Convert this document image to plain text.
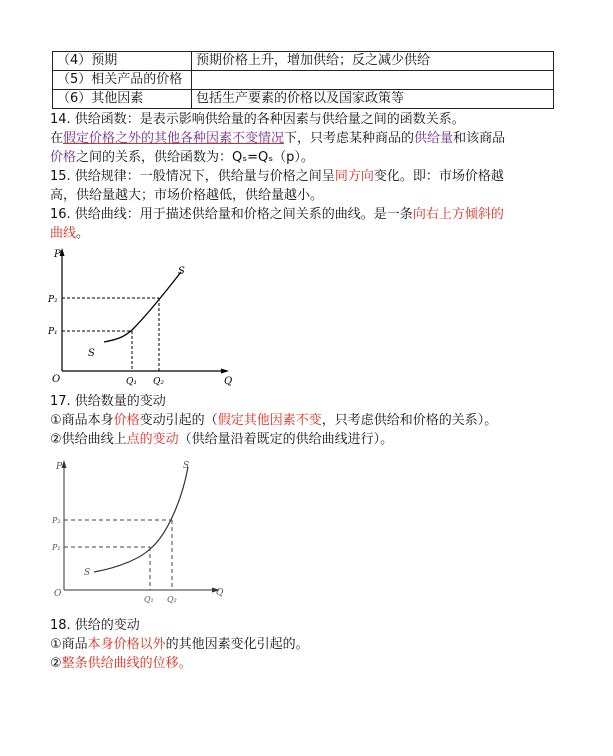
（4）预期	预期价格上升，增加供给；反之减少供给
（5）相关产品的价格	
（6）其他因素	包括生产要素的价格以及国家政策等
14. 供给函数：是表示影响供给量的各种因素与供给量之间的函数关系。
在假定价格之外的其他各种因素不变情况下，只考虑某种商品的供给量和该商品
价格之间的关系，供给函数为：Qₛ=Qₛ（p）。
15. 供给规律：一般情况下，供给量与价格之间呈同方向变化。即：市场价格越
高，供给量越大；市场价格越低，供给量越小。
16. 供给曲线：用于描述供给量和价格之间关系的曲线。是一条向右上方倾斜的
曲线。
P
Q
O
P₁
P₂
Q₁ Q₂
S
S
17. 供给数量的变动
①商品本身价格变动引起的（假定其他因素不变，只考虑供给和价格的关系）。
②供给曲线上点的变动（供给量沿着既定的供给曲线进行）。
P
Q
O
P₁
P₂
Q₁ Q₂
S
S
18. 供给的变动
①商品本身价格以外的其他因素变化引起的。
②整条供给曲线的位移。
